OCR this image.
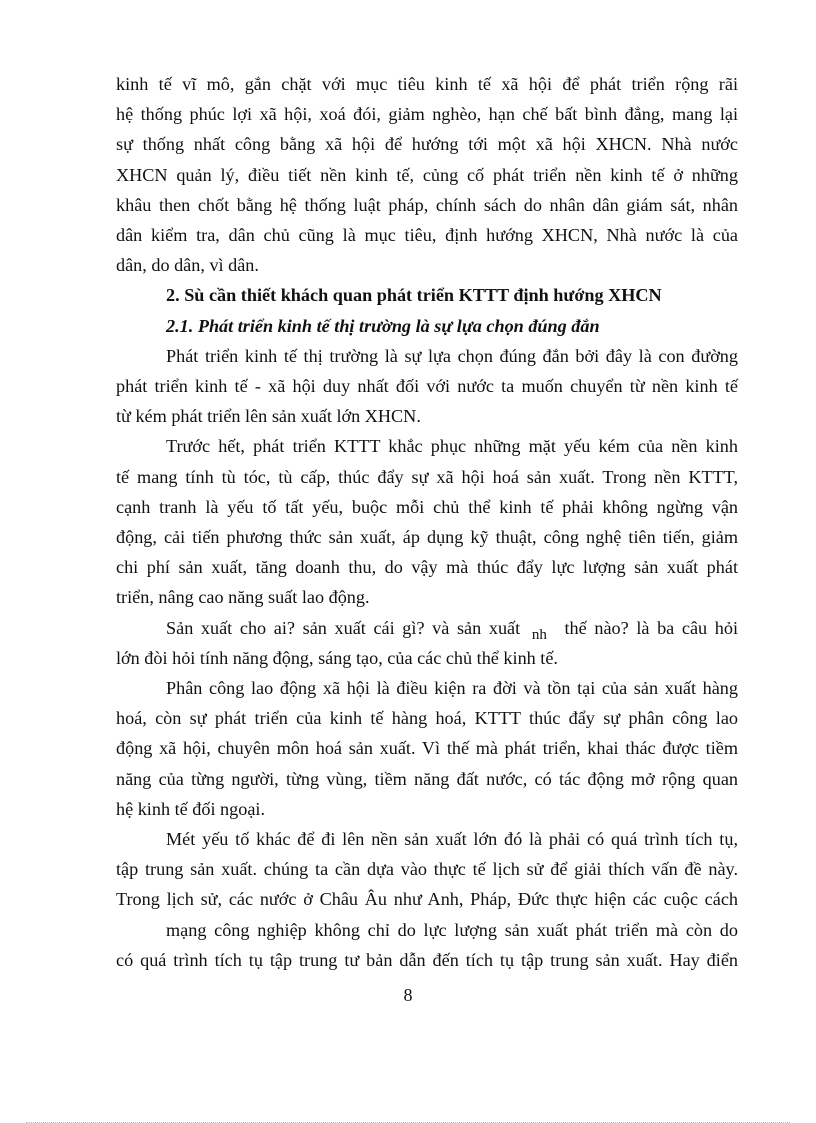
kinh tế vĩ mô, gắn chặt với mục tiêu kinh tế xã hội để phát triển rộng rãi
hệ thống phúc lợi xã hội, xoá đói, giảm nghèo, hạn chế bất bình đẳng, mang lại
sự thống nhất công bằng xã hội để hướng tới một xã hội XHCN. Nhà nước
XHCN quản lý, điều tiết nền kinh tế, củng cố phát triển nền kinh tế ở những
khâu then chốt bằng hệ thống luật pháp, chính sách do nhân dân giám sát, nhân
dân kiểm tra, dân chủ cũng là mục tiêu, định hướng XHCN, Nhà nước là của
dân, do dân, vì dân.
2. Sù cần thiết khách quan phát triển KTTT định hướng XHCN
2.1. Phát triển kinh tế thị trường là sự lựa chọn đúng đắn
Phát triển kinh tế thị trường là sự lựa chọn đúng đắn bởi đây là con đường
phát triển kinh tế - xã hội duy nhất đối với nước ta muốn chuyển từ nền kinh tế
từ kém phát triển lên sản xuất lớn XHCN.
Trước hết, phát triển KTTT khắc phục những mặt yếu kém của nền kinh
tế mang tính tù tóc, tù cấp, thúc đẩy sự xã hội hoá sản xuất. Trong nền KTTT,
cạnh tranh là yếu tố tất yếu, buộc mỗi chủ thể kinh tế phải không ngừng vận
động, cải tiến phương thức sản xuất, áp dụng kỹ thuật, công nghệ tiên tiến, giảm
chi phí sản xuất, tăng doanh thu, do vậy mà thúc đẩy lực lượng sản xuất phát
triển, nâng cao năng suất lao động.
Sản xuất cho ai? sản xuất cái gì? và sản xuất $_{nh}$ thế nào? là ba câu hỏi
lớn đòi hỏi tính năng động, sáng tạo, của các chủ thể kinh tế.
Phân công lao động xã hội là điều kiện ra đời và tồn tại của sản xuất hàng
hoá, còn sự phát triển của kinh tế hàng hoá, KTTT thúc đẩy sự phân công lao
động xã hội, chuyên môn hoá sản xuất. Vì thế mà phát triển, khai thác được tiềm
năng của từng người, từng vùng, tiềm năng đất nước, có tác động mở rộng quan
hệ kinh tế đối ngoại.
Mét yếu tố khác để đi lên nền sản xuất lớn đó là phải có quá trình tích tụ,
tập trung sản xuất. chúng ta cần dựa vào thực tế lịch sử để giải thích vấn đề này.
Trong lịch sử, các nước ở Châu Âu như Anh, Pháp, Đức thực hiện các cuộc cách
mạng công nghiệp không chỉ do lực lượng sản xuất phát triển mà còn do
có quá trình tích tụ tập trung tư bản dẫn đến tích tụ tập trung sản xuất. Hay điển
8
